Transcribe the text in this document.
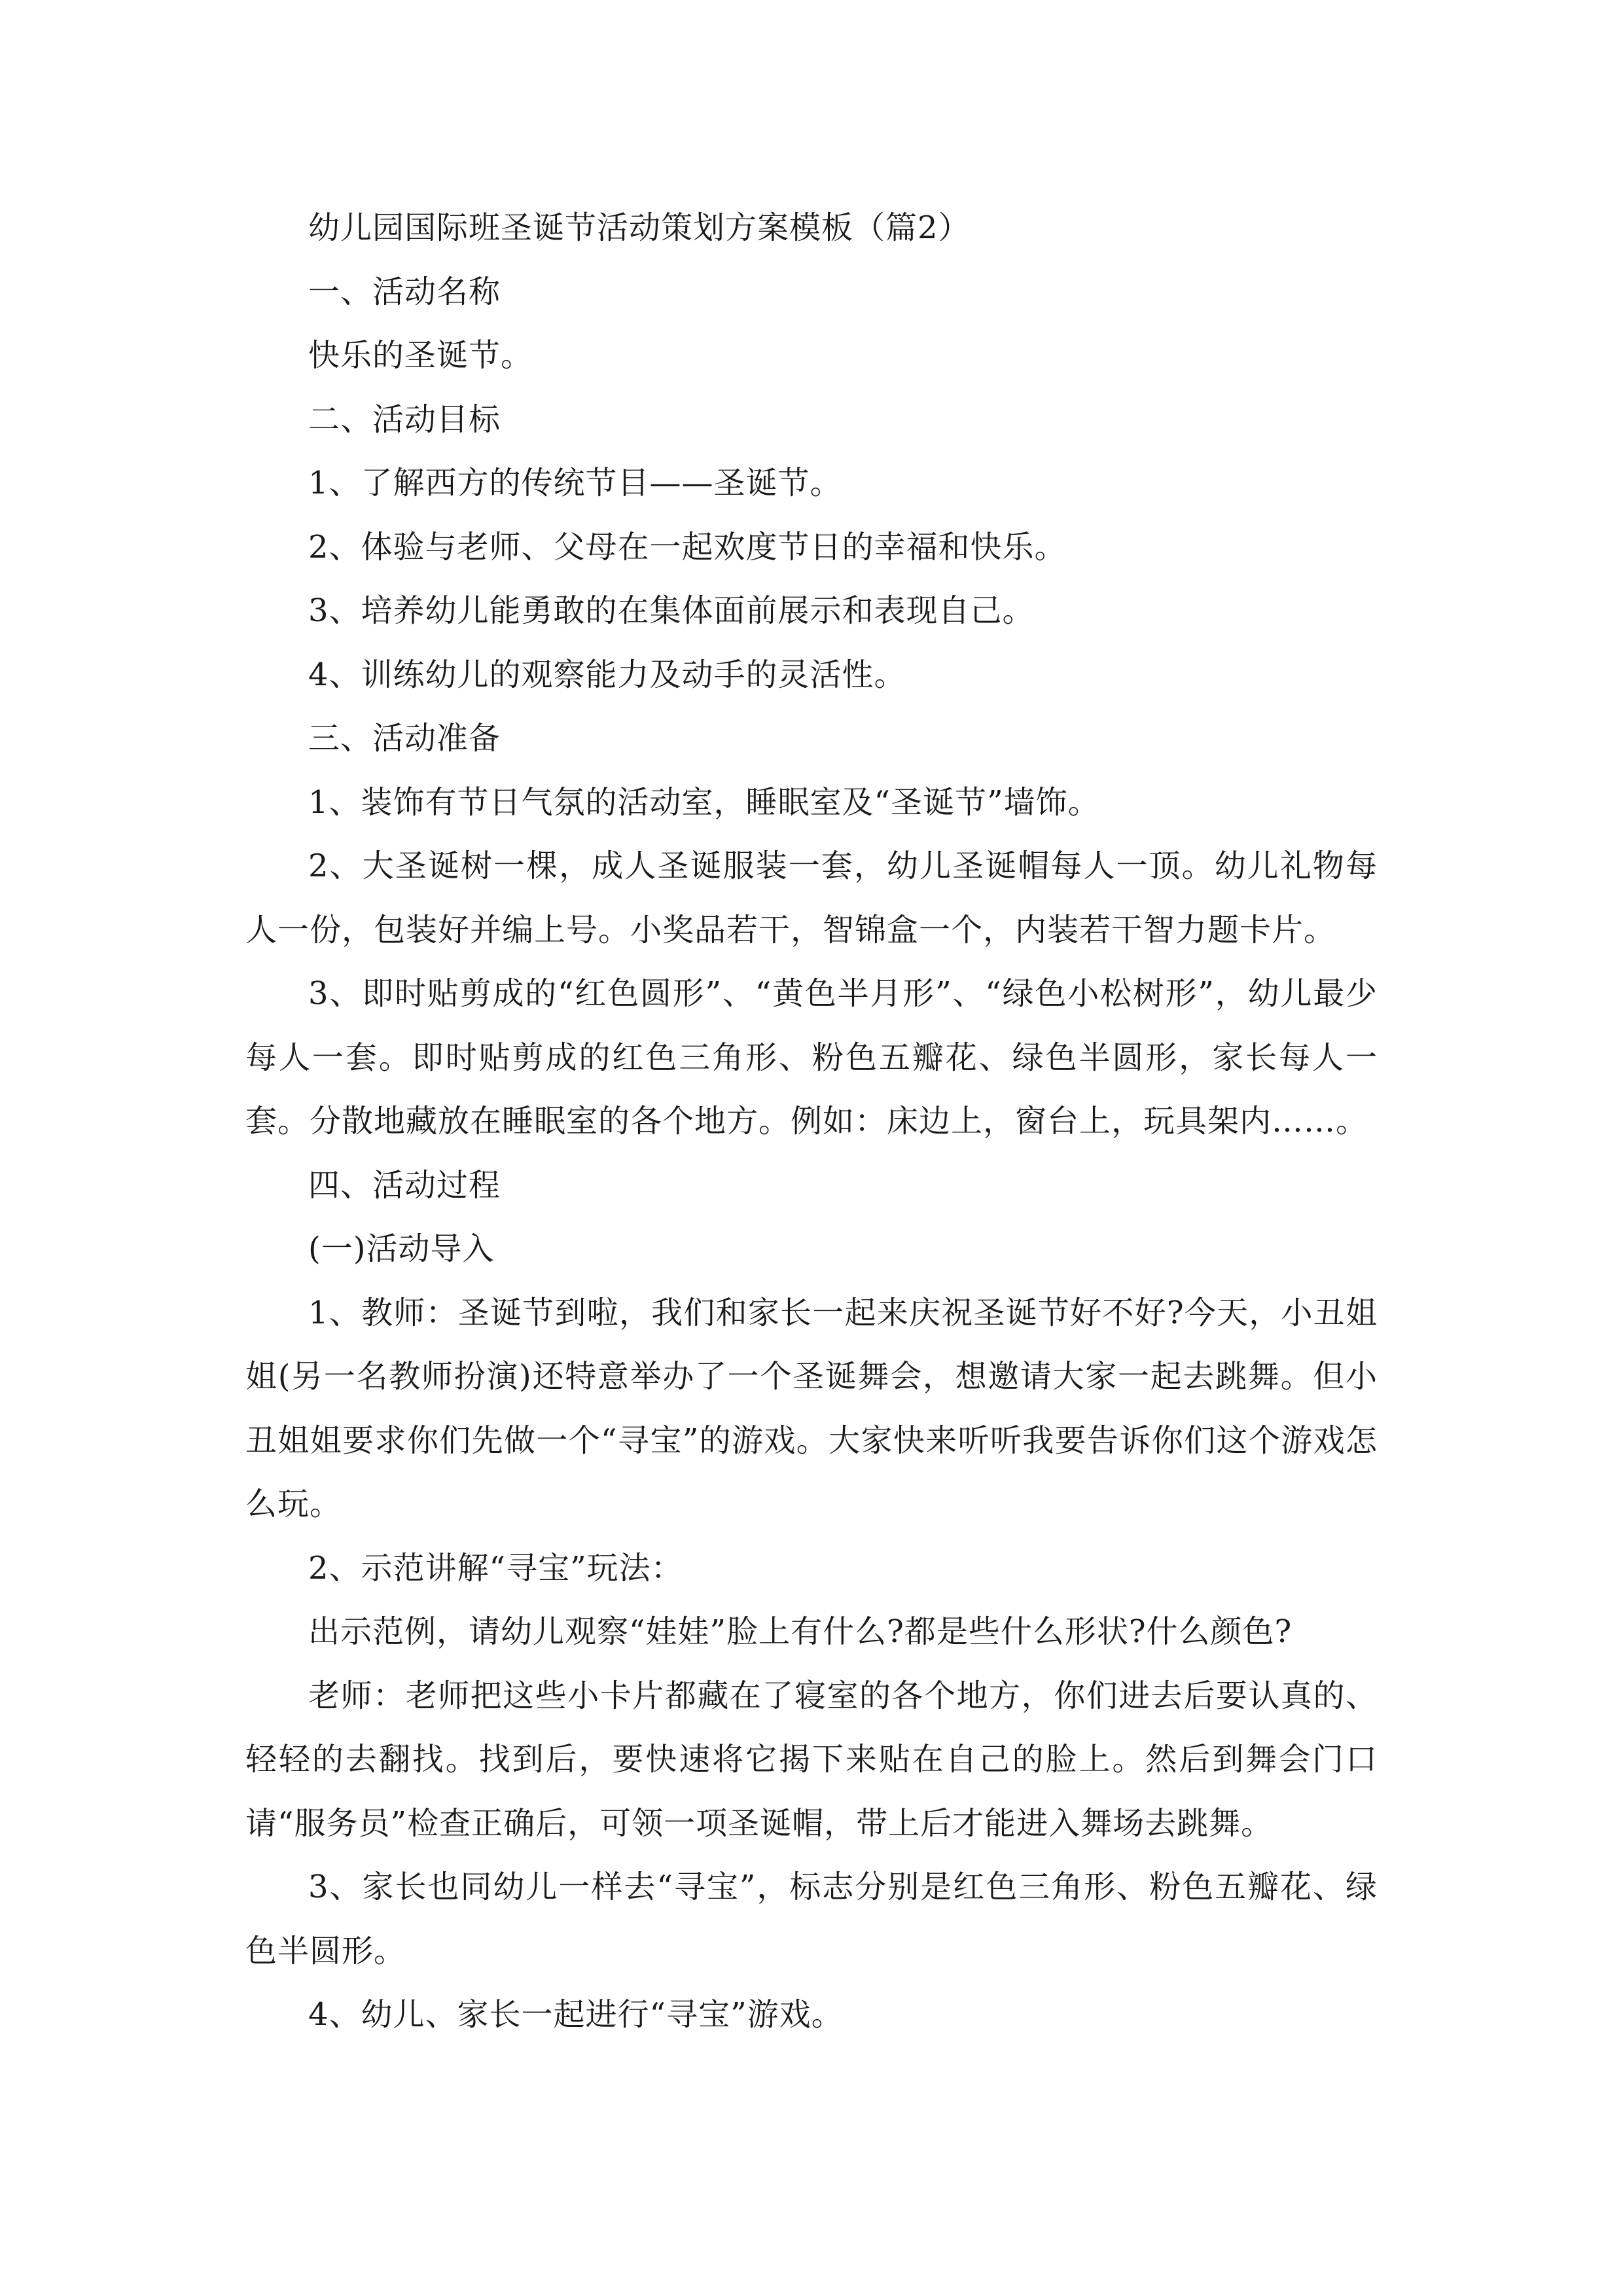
幼儿园国际班圣诞节活动策划方案模板（篇2）

一、活动名称

快乐的圣诞节。

二、活动目标

1、了解西方的传统节目——圣诞节。

2、体验与老师、父母在一起欢度节日的幸福和快乐。

3、培养幼儿能勇敢的在集体面前展示和表现自己。

4、训练幼儿的观察能力及动手的灵活性。

三、活动准备

1、装饰有节日气氛的活动室，睡眠室及“圣诞节”墙饰。

2、大圣诞树一棵，成人圣诞服装一套，幼儿圣诞帽每人一顶。幼儿礼物每人一份，包装好并编上号。小奖品若干，智锦盒一个，内装若干智力题卡片。

3、即时贴剪成的“红色圆形”、“黄色半月形”、“绿色小松树形”，幼儿最少每人一套。即时贴剪成的红色三角形、粉色五瓣花、绿色半圆形，家长每人一套。分散地藏放在睡眠室的各个地方。例如：床边上，窗台上，玩具架内……。

四、活动过程

(一)活动导入

1、教师：圣诞节到啦，我们和家长一起来庆祝圣诞节好不好?今天，小丑姐姐(另一名教师扮演)还特意举办了一个圣诞舞会，想邀请大家一起去跳舞。但小丑姐姐要求你们先做一个“寻宝”的游戏。大家快来听听我要告诉你们这个游戏怎么玩。

2、示范讲解“寻宝”玩法：

出示范例，请幼儿观察“娃娃”脸上有什么?都是些什么形状?什么颜色?

老师：老师把这些小卡片都藏在了寝室的各个地方，你们进去后要认真的、轻轻的去翻找。找到后，要快速将它揭下来贴在自己的脸上。然后到舞会门口请“服务员”检查正确后，可领一项圣诞帽，带上后才能进入舞场去跳舞。

3、家长也同幼儿一样去“寻宝”，标志分别是红色三角形、粉色五瓣花、绿色半圆形。

4、幼儿、家长一起进行“寻宝”游戏。
